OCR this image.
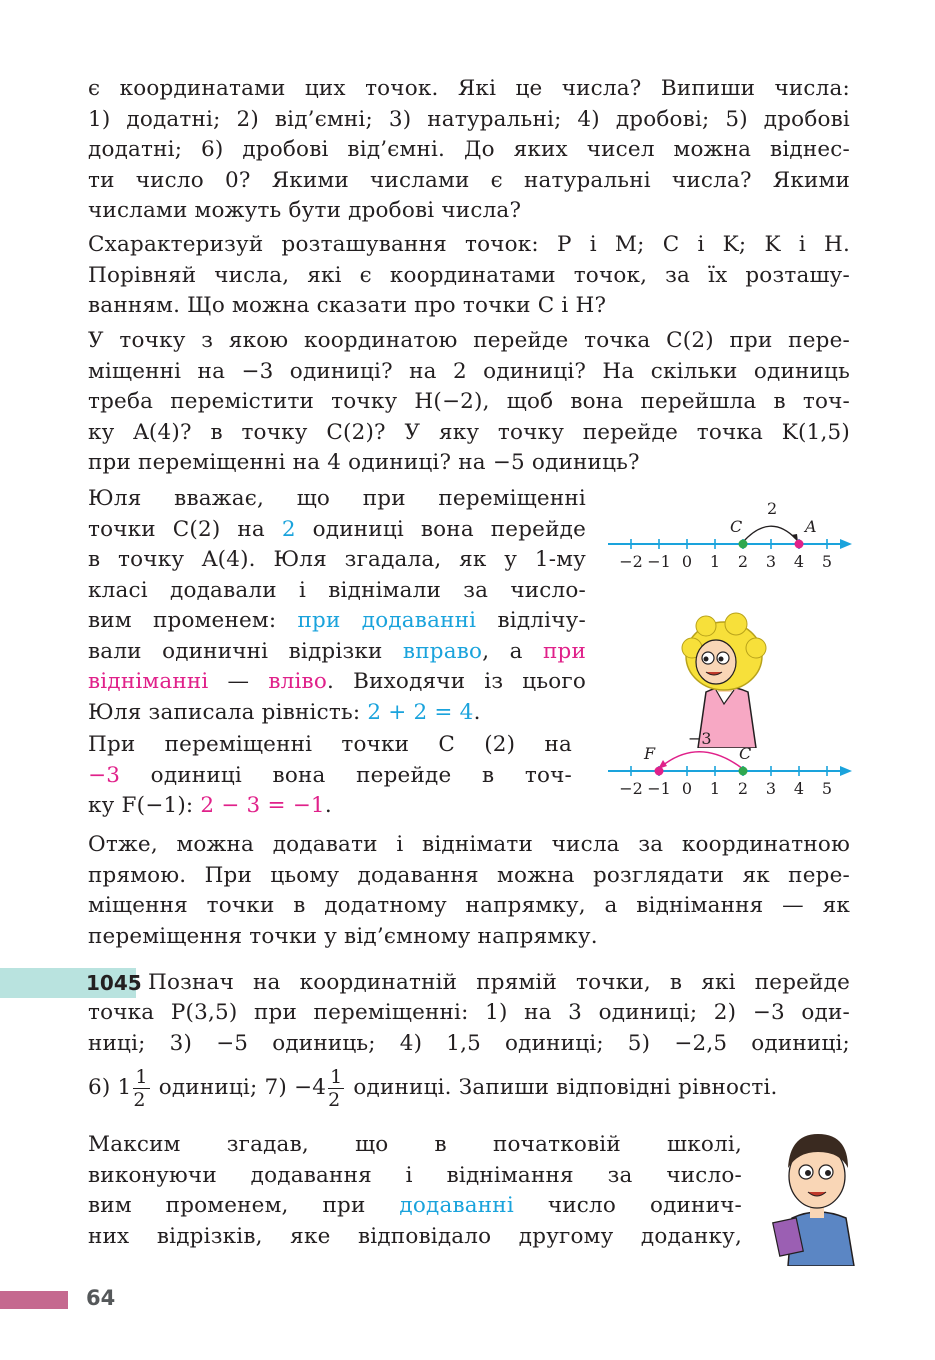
є координатами цих точок. Які це числа? Випиши числа:
1) додатні; 2) від’ємні; 3) натуральні; 4) дробові; 5) дробові
додатні; 6) дробові від’ємні. До яких чисел можна віднес-
ти число 0? Якими числами є натуральні числа? Якими
числами можуть бути дробові числа?
Схарактеризуй розташування точок: P і M; C і K; K і H.
Порівняй числа, які є координатами точок, за їх розташу-
ванням. Що можна сказати про точки C і H?
У точку з якою координатою перейде точка C(2) при пере-
міщенні на −3 одиниці? на 2 одиниці? На скільки одиниць
треба перемістити точку H(−2), щоб вона перейшла в точ-
ку A(4)? в точку C(2)? У яку точку перейде точка K(1,5)
при переміщенні на 4 одиниці? на −5 одиниць?
Юля вважає, що при переміщенні
точки C(2) на 2 одиниці вона перейде
в точку A(4). Юля згадала, як у 1-му
класі додавали і віднімали за число-
вим променем: при додаванні відлічу-
вали одиничні відрізки вправо, а при
відніманні — вліво. Виходячи із цього
Юля записала рівність: 2 + 2 = 4.
При переміщенні точки C (2) на
−3 одиниці вона перейде в точ-
ку F(−1): 2 − 3 = −1.
−2 −1 0 1 2 3 4 5
C	A
2
−2 −1 0 1 2 3 4 5
F	C
−3
Отже, можна додавати і віднімати числа за координатною
прямою. При цьому додавання можна розглядати як пере-
міщення точки в додатному напрямку, а віднімання — як
переміщення точки у від’ємному напрямку.
1045 Познач на координатній прямій точки, в які перейде
точка P(3,5) при переміщенні: 1) на 3 одиниці; 2) −3 оди-
ниці; 3) −5 одиниць; 4) 1,5 одиниці; 5) −2,5 одиниці;
6) $1 \frac{1}{2}$ одиниці; $7) -4 \frac{1}{2}$ одиниці. Запиши відповідні рівності.
Максим згадав, що в початковій школі,
виконуючи додавання і віднімання за число-
вим променем, при додаванні число одинич-
них відрізків, яке відповідало другому доданку,
64
